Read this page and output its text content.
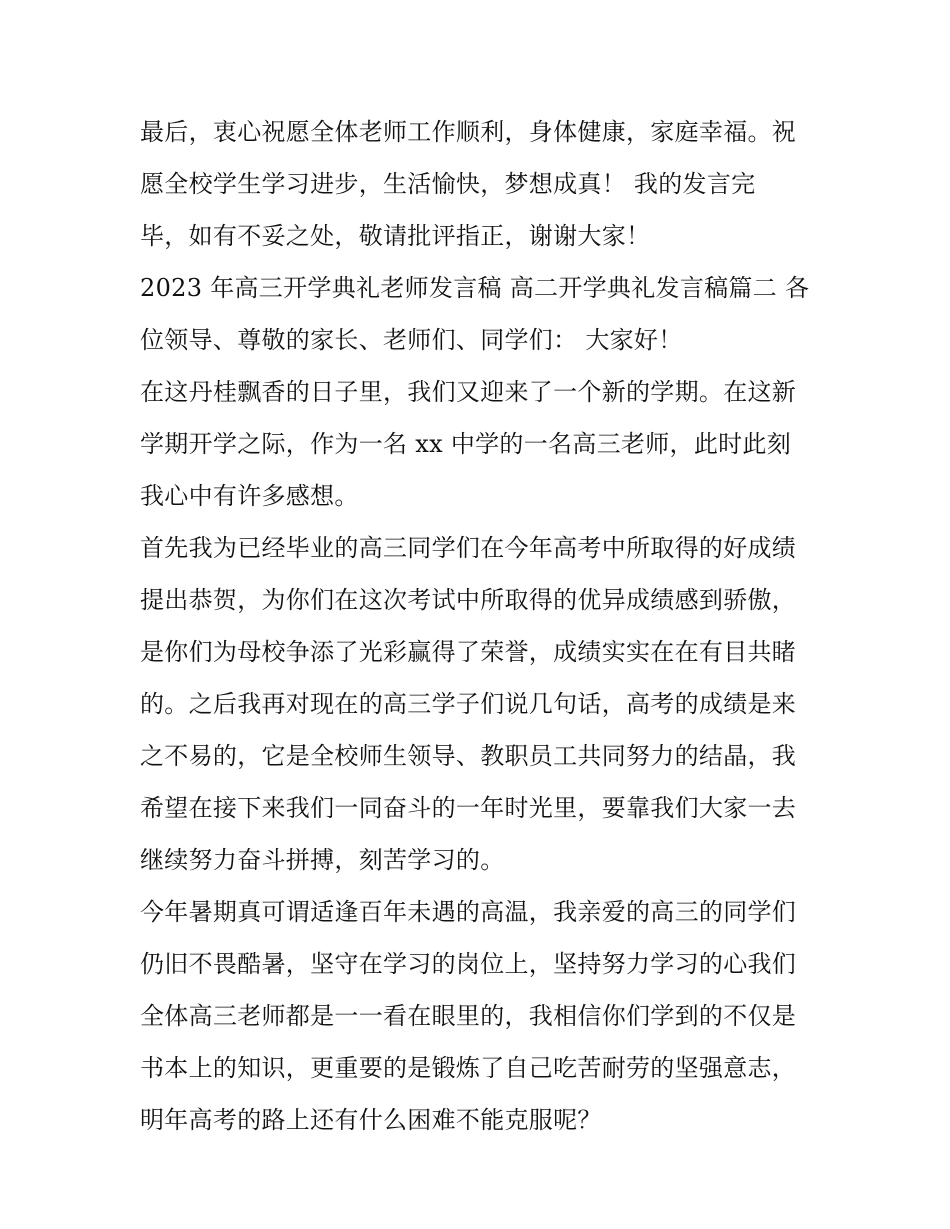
最后，衷心祝愿全体老师工作顺利，身体健康，家庭幸福。祝
愿全校学生学习进步，生活愉快，梦想成真！ 我的发言完
毕，如有不妥之处，敬请批评指正，谢谢大家！
2023 年高三开学典礼老师发言稿 高二开学典礼发言稿篇二 各
位领导、尊敬的家长、老师们、同学们： 大家好！
在这丹桂飘香的日子里，我们又迎来了一个新的学期。在这新
学期开学之际，作为一名 xx 中学的一名高三老师，此时此刻
我心中有许多感想。
首先我为已经毕业的高三同学们在今年高考中所取得的好成绩
提出恭贺，为你们在这次考试中所取得的优异成绩感到骄傲，
是你们为母校争添了光彩赢得了荣誉，成绩实实在在有目共睹
的。之后我再对现在的高三学子们说几句话，高考的成绩是来
之不易的，它是全校师生领导、教职员工共同努力的结晶，我
希望在接下来我们一同奋斗的一年时光里，要靠我们大家一去
继续努力奋斗拼搏，刻苦学习的。
今年暑期真可谓适逢百年未遇的高温，我亲爱的高三的同学们
仍旧不畏酷暑，坚守在学习的岗位上，坚持努力学习的心我们
全体高三老师都是一一看在眼里的，我相信你们学到的不仅是
书本上的知识，更重要的是锻炼了自己吃苦耐劳的坚强意志，
明年高考的路上还有什么困难不能克服呢？
